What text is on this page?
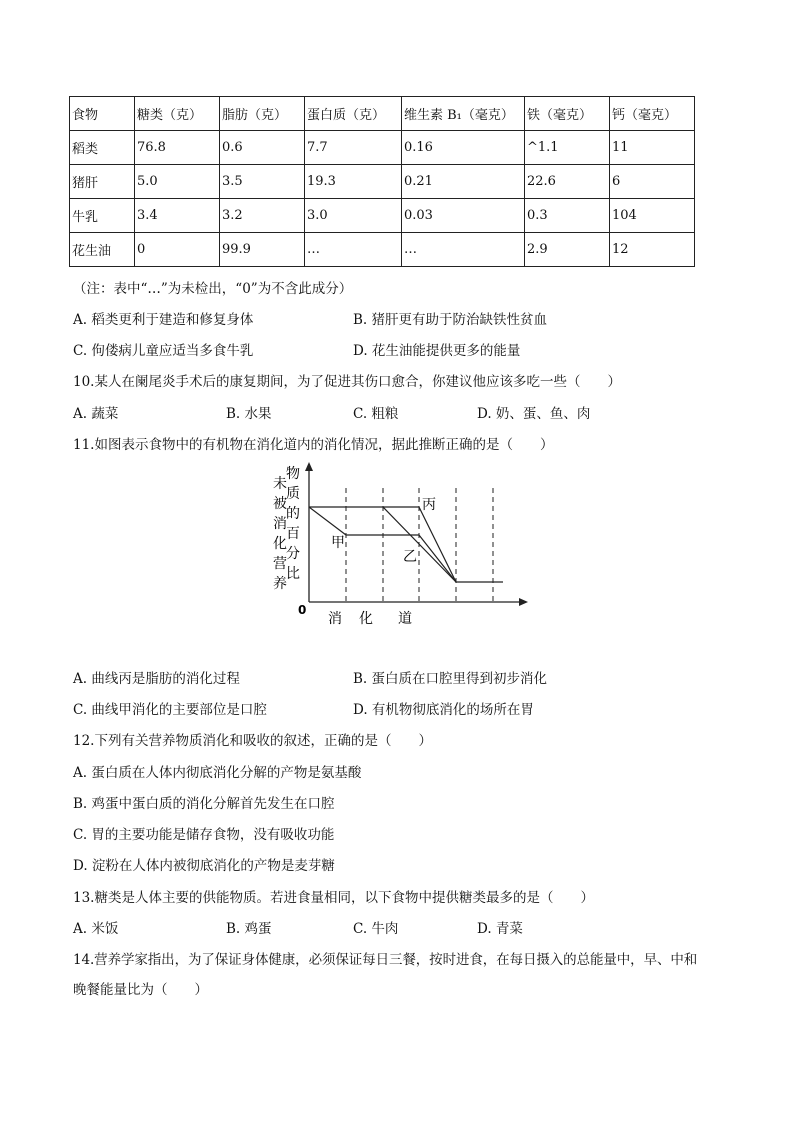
食物	糖类（克）	脂肪（克）	蛋白质（克）	维生素 B₁（毫克）	铁（毫克）	钙（毫克）
稻类	76.8	0.6	7.7	0.16	^1.1	11
猪肝	5.0	3.5	19.3	0.21	22.6	6
牛乳	3.4	3.2	3.0	0.03	0.3	104
花生油	0	99.9	…	…	2.9	12
（注：表中“…”为未检出，“0”为不含此成分）
A. 稻类更利于建造和修复身体	B. 猪肝更有助于防治缺铁性贫血
C. 佝偻病儿童应适当多食牛乳	D. 花生油能提供更多的能量
10.某人在阑尾炎手术后的康复期间，为了促进其伤口愈合，你建议他应该多吃一些（　　）
A. 蔬菜	B. 水果	C. 粗粮	D. 奶、蛋、鱼、肉
11.如图表示食物中的有机物在消化道内的消化情况，据此推断正确的是（　　）
未
被
消
化
营
养
物
质
的
百
分
比
0
消 化 道
丙
甲
乙
A. 曲线丙是脂肪的消化过程	B. 蛋白质在口腔里得到初步消化
C. 曲线甲消化的主要部位是口腔	D. 有机物彻底消化的场所在胃
12.下列有关营养物质消化和吸收的叙述，正确的是（　　）
A. 蛋白质在人体内彻底消化分解的产物是氨基酸
B. 鸡蛋中蛋白质的消化分解首先发生在口腔
C. 胃的主要功能是储存食物，没有吸收功能
D. 淀粉在人体内被彻底消化的产物是麦芽糖
13.糖类是人体主要的供能物质。若进食量相同，以下食物中提供糖类最多的是（　　）
A. 米饭	B. 鸡蛋	C. 牛肉	D. 青菜
14.营养学家指出，为了保证身体健康，必须保证每日三餐，按时进食，在每日摄入的总能量中，早、中和
晚餐能量比为（　　）
